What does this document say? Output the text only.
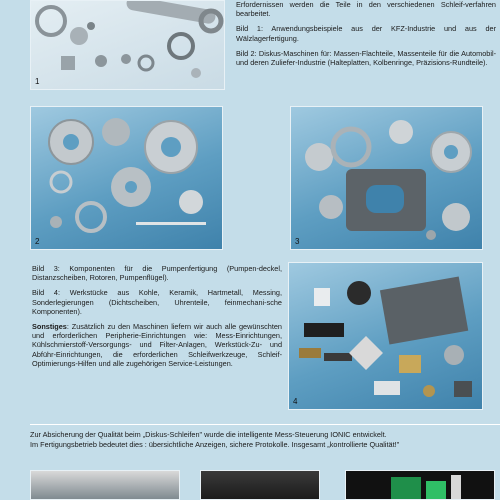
1

Erfordernissen werden die Teile in den verschiedenen Schleif-verfahren bearbeitet.

Bild 1: Anwendungsbeispiele aus der KFZ-Industrie und aus der Wälzlagerfertigung.

Bild 2: Diskus-Maschinen für: Massen-Flachteile, Massenteile für die Automobil- und deren Zuliefer-Industrie (Halteplatten, Kolbenringe, Präzisions-Rundteile).

2	3

Bild 3: Komponenten für die Pumpenfertigung (Pumpen-deckel, Distanzscheiben, Rotoren, Pumpenflügel).

Bild 4: Werkstücke aus Kohle, Keramik, Hartmetall, Messing, Sonderlegierungen (Dichtscheiben, Uhrenteile, feinmechani-sche Komponenten).

Sonstiges: Zusätzlich zu den Maschinen liefern wir auch alle gewünschten und erforderlichen Peripherie-Einrichtungen wie: Mess-Einrichtungen, Kühlschmierstoff-Versorgungs- und Filter-Anlagen, Werkstück-Zu- und Abführ-Einrichtungen, die erforderlichen Schleifwerkzeuge, Schleif- Optimierungs-Hilfen und alle zugehörigen Service-Leistungen.

4
Zur Absicherung der Qualität beim „Diskus-Schleifen" wurde die intelligente Mess-Steuerung IONIC entwickelt.
Im Fertigungsbetrieb bedeutet dies : übersichtliche Anzeigen, sichere Protokolle. Insgesamt „kontrollierte Qualität!"
